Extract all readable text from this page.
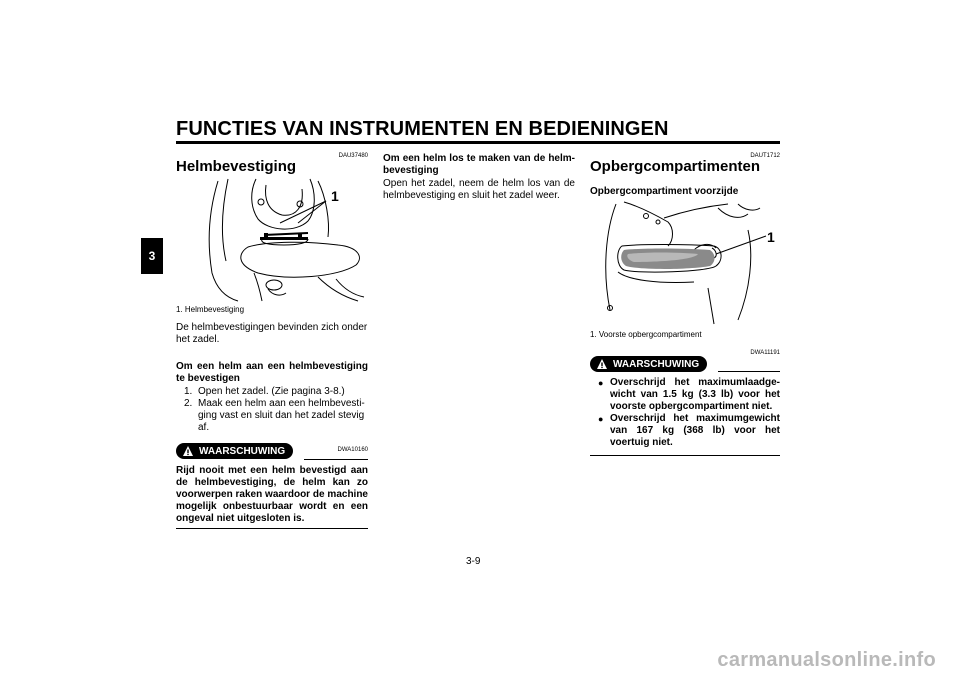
FUNCTIES VAN INSTRUMENTEN EN BEDIENINGEN
3
DAU37480
Helmbevestiging
1
1. Helmbevestiging
De helmbevestigingen bevinden zich onder het zadel.
Om een helm aan een helmbevestiging te bevestigen
1. Open het zadel. (Zie pagina 3-8.)
2. Maak een helm aan een helmbevesti-ging vast en sluit dan het zadel stevig af.
WAARSCHUWING	DWA10160
Rijd nooit met een helm bevestigd aan de helmbevestiging, de helm kan zo voorwerpen raken waardoor de machine mogelijk onbestuurbaar wordt en een ongeval niet uitgesloten is.
Om een helm los te maken van de helm-bevestiging
Open het zadel, neem de helm los van de helmbevestiging en sluit het zadel weer.
DAUT1712
Opbergcompartimenten
Opbergcompartiment voorzijde
1
1. Voorste opbergcompartiment
WAARSCHUWING
DWA11191
● Overschrijd het maximumlaadge-wicht van 1.5 kg (3.3 lb) voor het voorste opbergcompartiment niet.
● Overschrijd het maximumgewicht van 167 kg (368 lb) voor het voertuig niet.
3-9
carmanualsonline.info
